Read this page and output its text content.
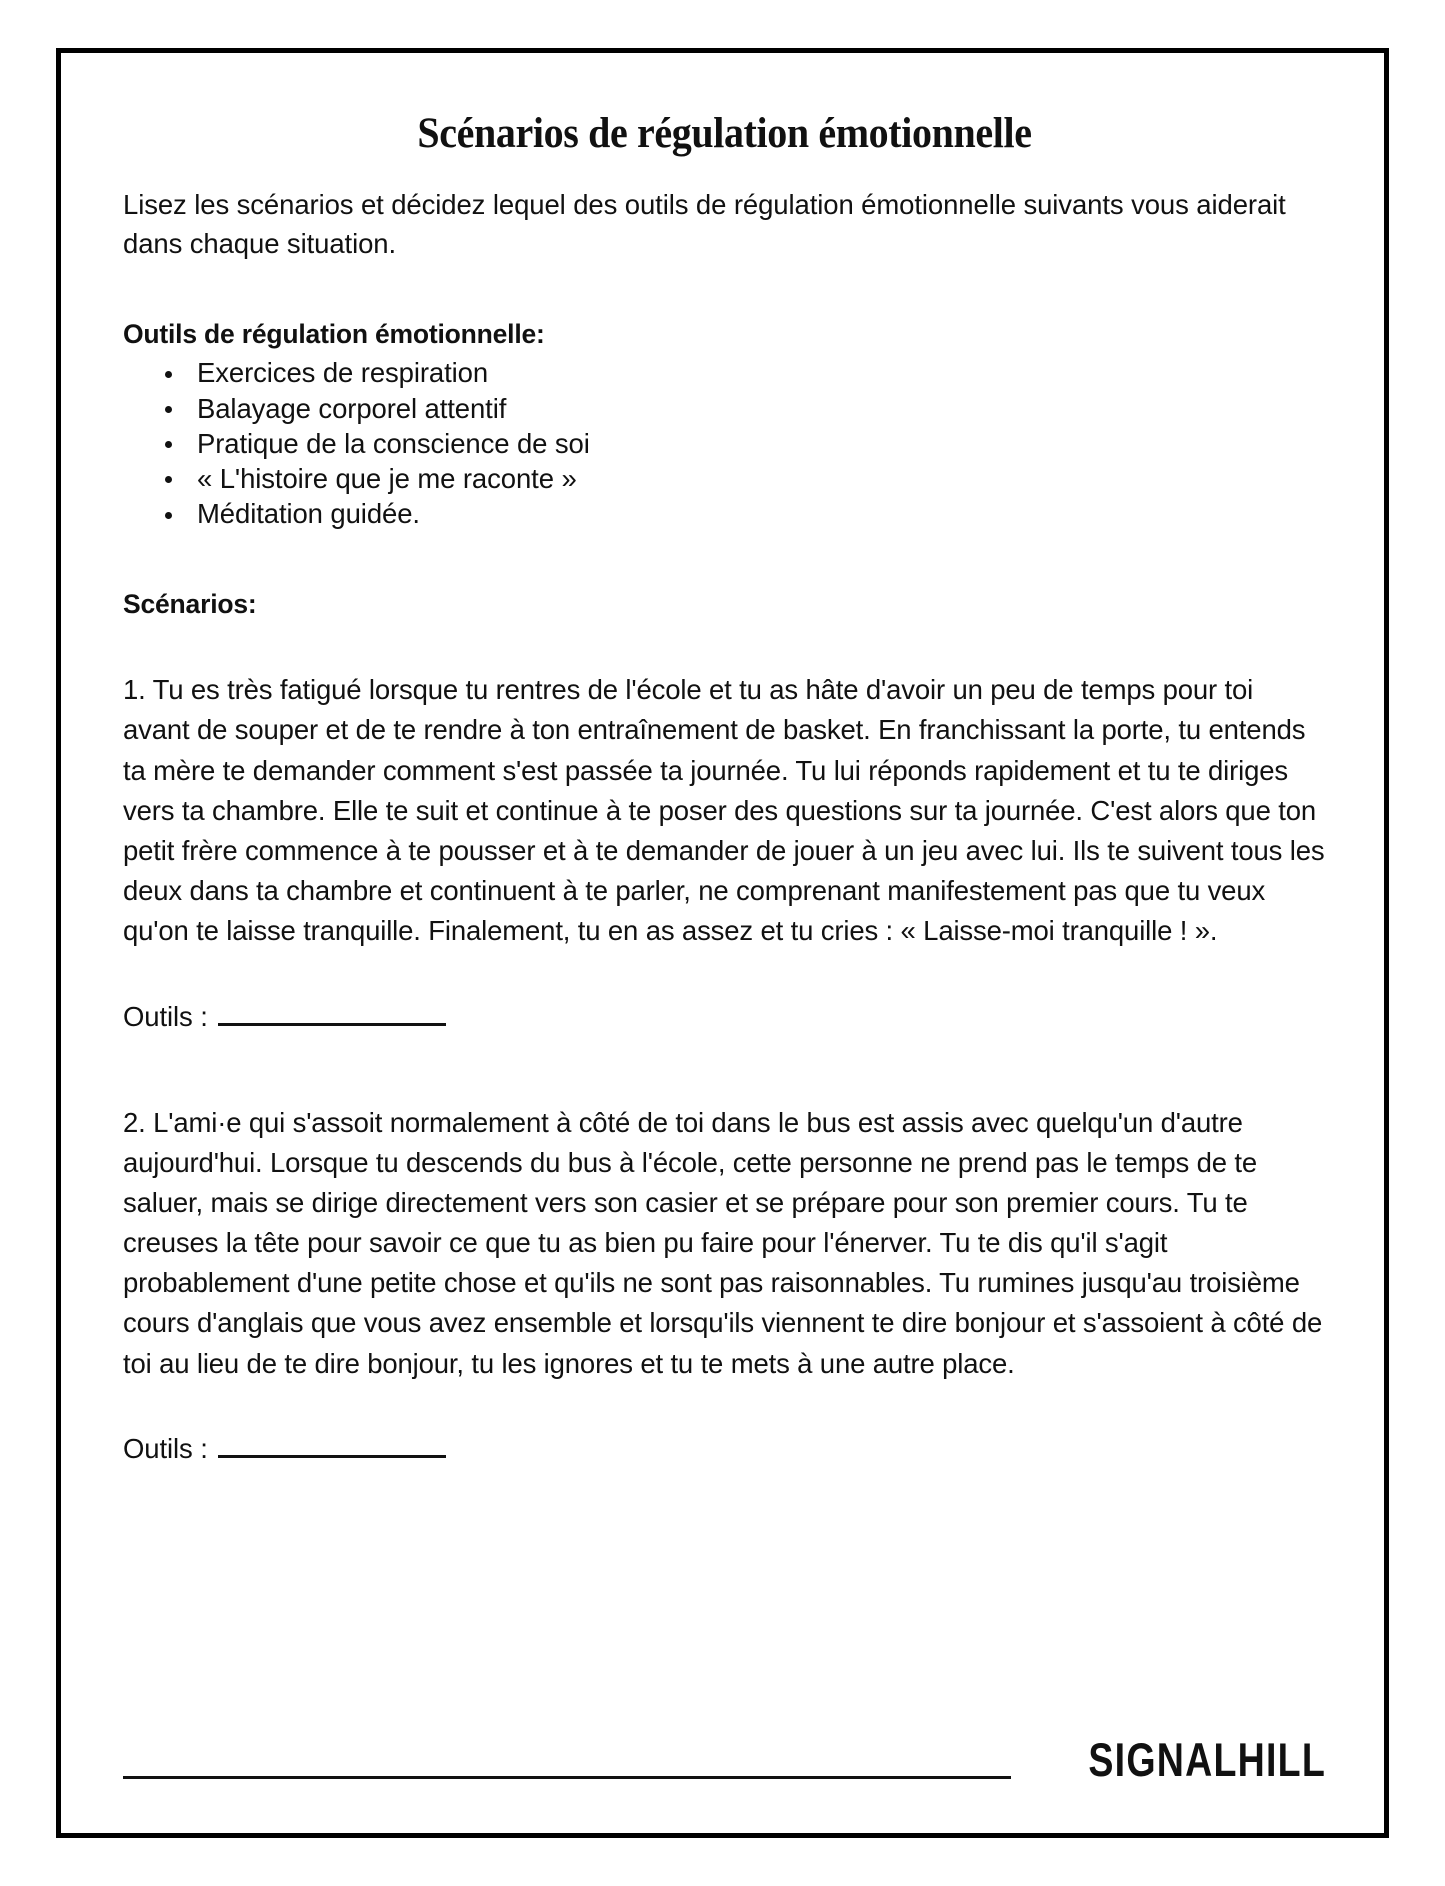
Scénarios de régulation émotionnelle

Lisez les scénarios et décidez lequel des outils de régulation émotionnelle suivants vous aiderait dans chaque situation.

Outils de régulation émotionnelle:
Exercices de respiration
Balayage corporel attentif
Pratique de la conscience de soi
« L'histoire que je me raconte »
Méditation guidée.
Scénarios:

1. Tu es très fatigué lorsque tu rentres de l'école et tu as hâte d'avoir un peu de temps pour toi avant de souper et de te rendre à ton entraînement de basket. En franchissant la porte, tu entends ta mère te demander comment s'est passée ta journée. Tu lui réponds rapidement et tu te diriges vers ta chambre. Elle te suit et continue à te poser des questions sur ta journée. C'est alors que ton petit frère commence à te pousser et à te demander de jouer à un jeu avec lui. Ils te suivent tous les deux dans ta chambre et continuent à te parler, ne comprenant manifestement pas que tu veux qu'on te laisse tranquille. Finalement, tu en as assez et tu cries : « Laisse-moi tranquille ! ».

Outils :

2. L'ami·e qui s'assoit normalement à côté de toi dans le bus est assis avec quelqu'un d'autre aujourd'hui. Lorsque tu descends du bus à l'école, cette personne ne prend pas le temps de te saluer, mais se dirige directement vers son casier et se prépare pour son premier cours. Tu te creuses la tête pour savoir ce que tu as bien pu faire pour l'énerver. Tu te dis qu'il s'agit probablement d'une petite chose et qu'ils ne sont pas raisonnables. Tu rumines jusqu'au troisième cours d'anglais que vous avez ensemble et lorsqu'ils viennent te dire bonjour et s'assoient à côté de toi au lieu de te dire bonjour, tu les ignores et tu te mets à une autre place.

Outils :
SIGNALHILL
